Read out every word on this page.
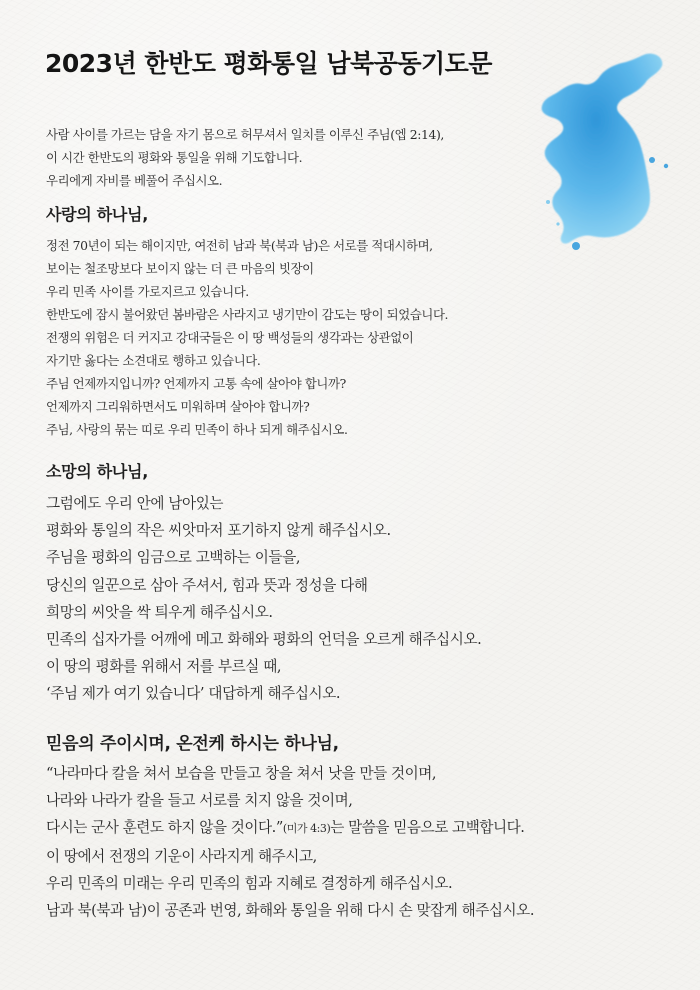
2023년 한반도 평화통일 남북공동기도문
사람 사이를 가르는 담을 자기 몸으로 허무셔서 일치를 이루신 주님(엡 2:14),
이 시간 한반도의 평화와 통일을 위해 기도합니다.
우리에게 자비를 베풀어 주십시오.
사랑의 하나님,
정전 70년이 되는 해이지만, 여전히 남과 북(북과 남)은 서로를 적대시하며,
보이는 철조망보다 보이지 않는 더 큰 마음의 빗장이
우리 민족 사이를 가로지르고 있습니다.
한반도에 잠시 불어왔던 봄바람은 사라지고 냉기만이 감도는 땅이 되었습니다.
전쟁의 위험은 더 커지고 강대국들은 이 땅 백성들의 생각과는 상관없이
자기만 옳다는 소견대로 행하고 있습니다.
주님 언제까지입니까? 언제까지 고통 속에 살아야 합니까?
언제까지 그리워하면서도 미워하며 살아야 합니까?
주님, 사랑의 묶는 띠로 우리 민족이 하나 되게 해주십시오.
소망의 하나님,
그럼에도 우리 안에 남아있는
평화와 통일의 작은 씨앗마저 포기하지 않게 해주십시오.
주님을 평화의 임금으로 고백하는 이들을,
당신의 일꾼으로 삼아 주셔서, 힘과 뜻과 정성을 다해
희망의 씨앗을 싹 틔우게 해주십시오.
민족의 십자가를 어깨에 메고 화해와 평화의 언덕을 오르게 해주십시오.
이 땅의 평화를 위해서 저를 부르실 때,
‘주님 제가 여기 있습니다’ 대답하게 해주십시오.
믿음의 주이시며, 온전케 하시는 하나님,
“나라마다 칼을 쳐서 보습을 만들고 창을 쳐서 낫을 만들 것이며,
나라와 나라가 칼을 들고 서로를 치지 않을 것이며,
다시는 군사 훈련도 하지 않을 것이다.”(미가 4:3)는 말씀을 믿음으로 고백합니다.
이 땅에서 전쟁의 기운이 사라지게 해주시고,
우리 민족의 미래는 우리 민족의 힘과 지혜로 결정하게 해주십시오.
남과 북(북과 남)이 공존과 번영, 화해와 통일을 위해 다시 손 맞잡게 해주십시오.
